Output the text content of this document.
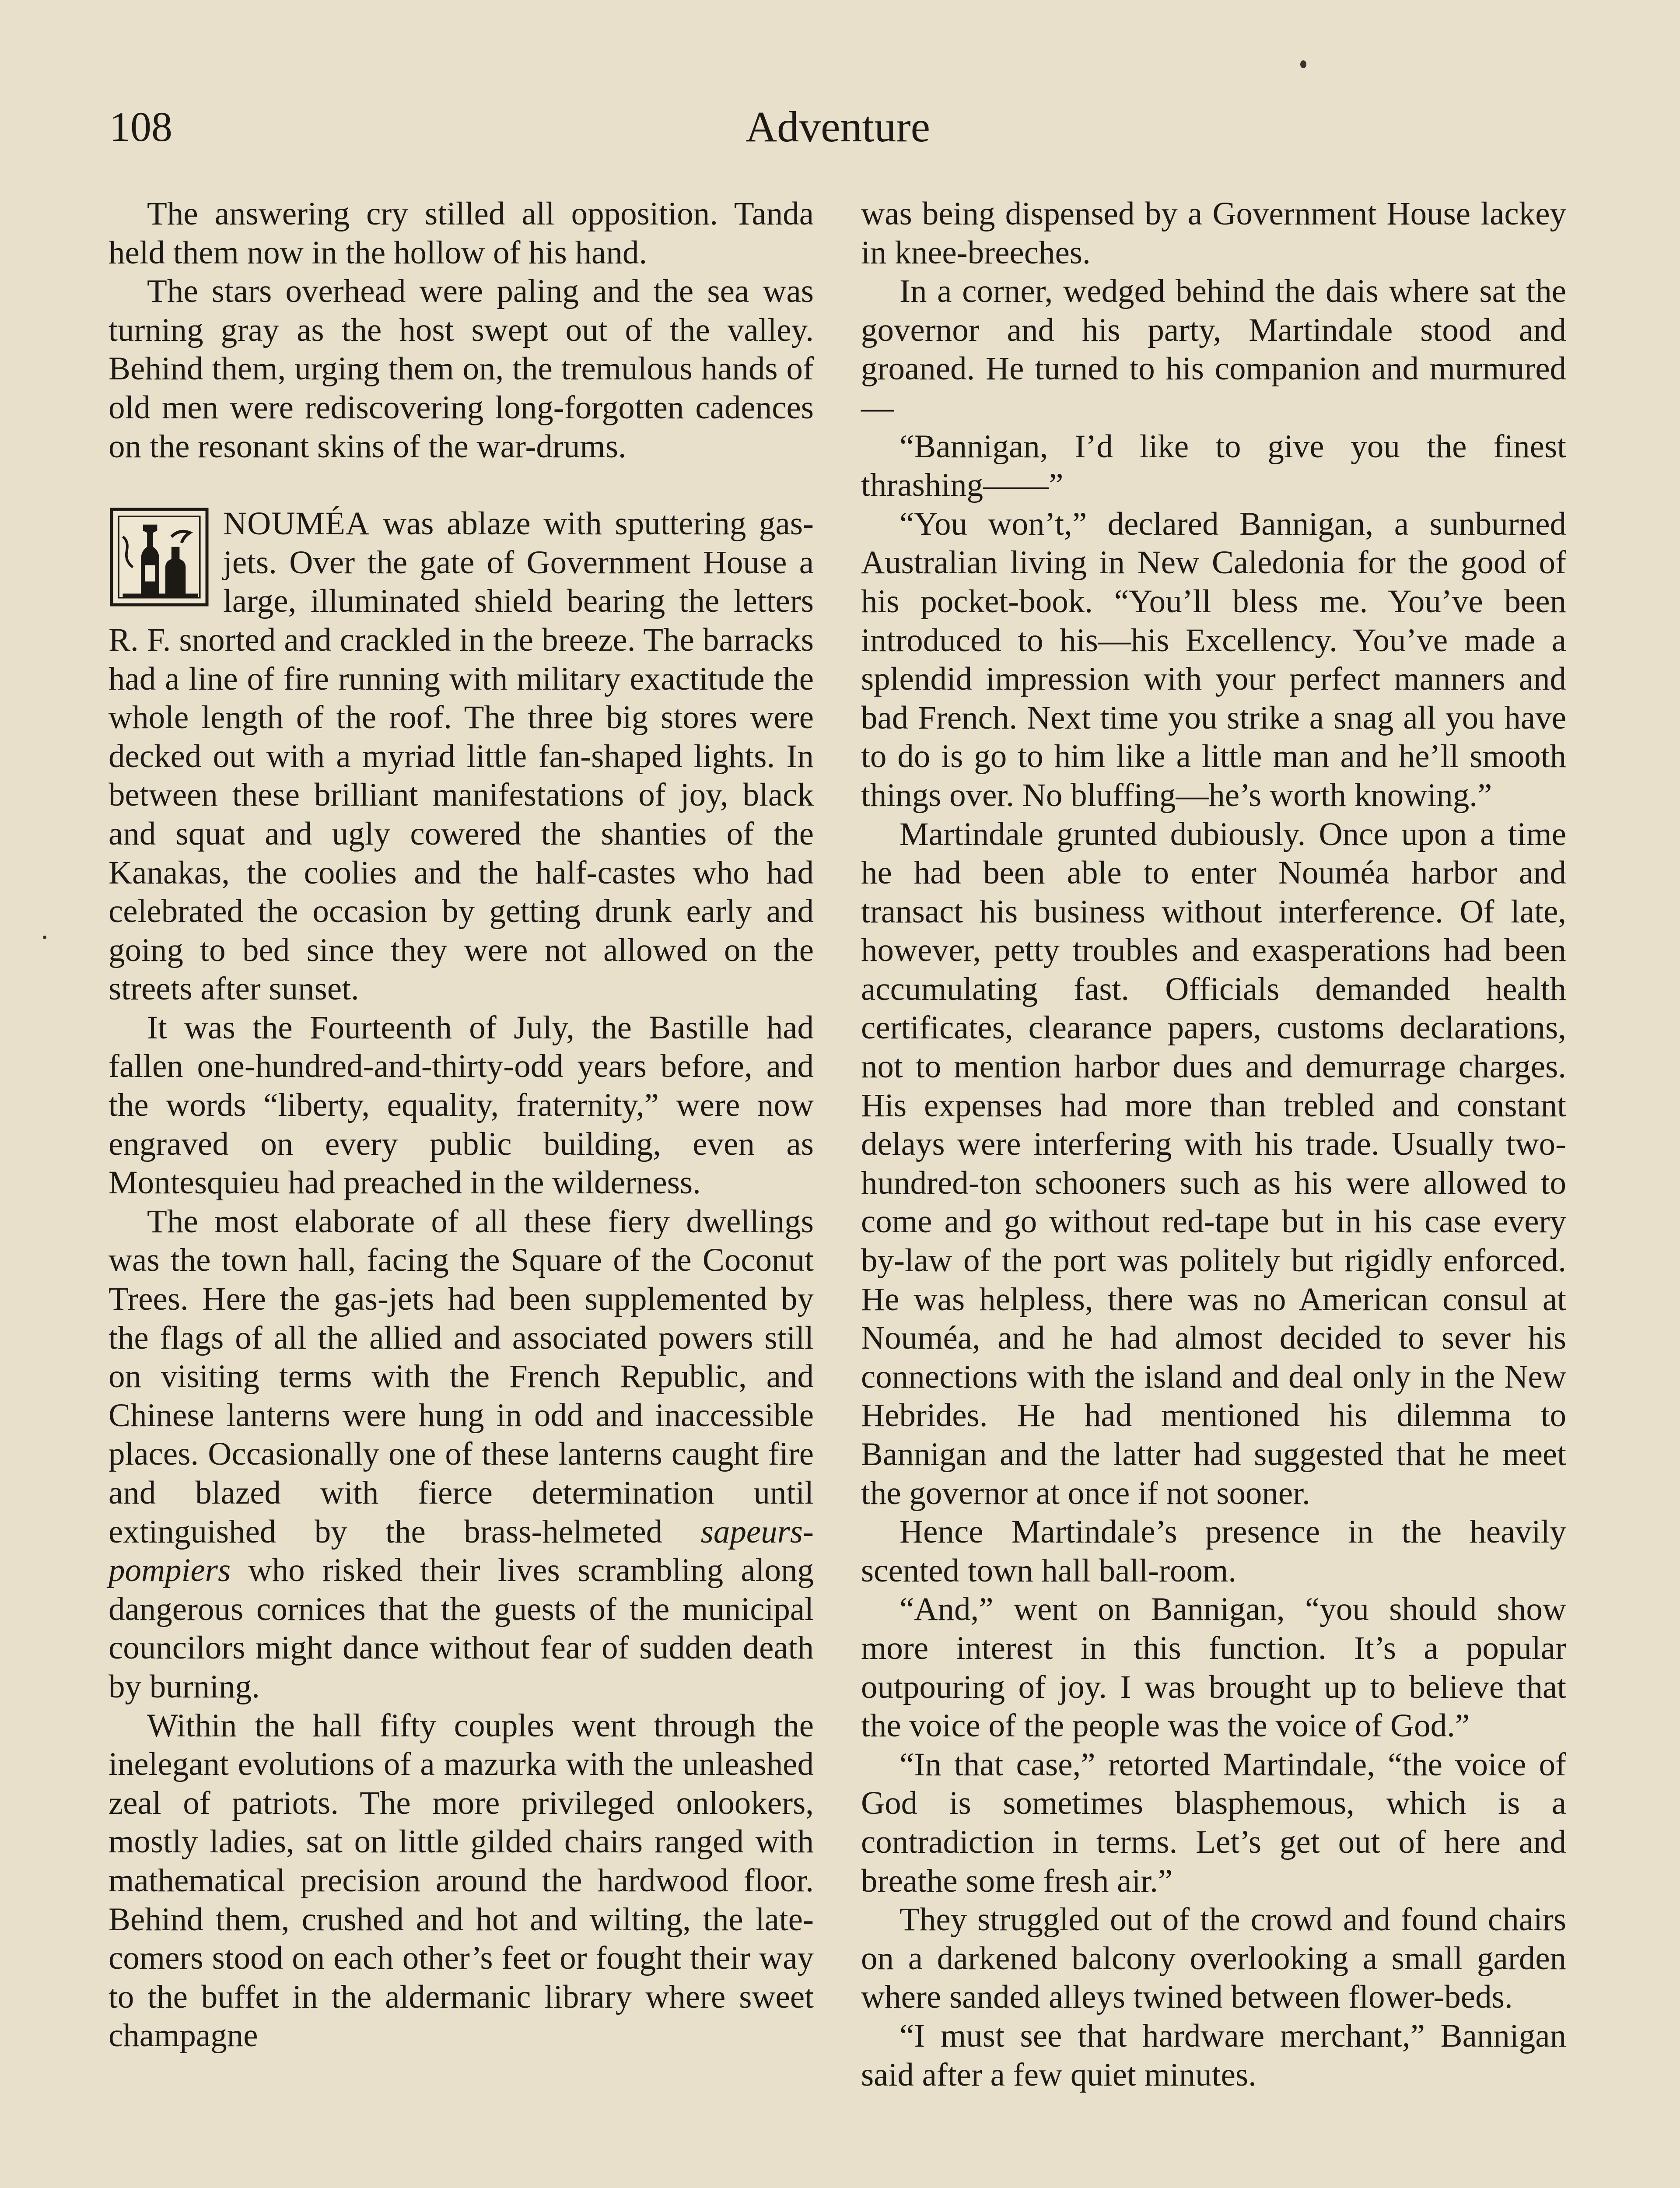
108	Adventure

The answering cry stilled all opposition. Tanda held them now in the hollow of his hand.

The stars overhead were paling and the sea was turning gray as the host swept out of the valley. Behind them, urging them on, the tremulous hands of old men were rediscovering long-forgotten cadences on the resonant skins of the war-drums.

NOUMÉA was ablaze with sputtering gas-jets. Over the gate of Government House a large, illuminated shield bearing the letters R. F. snorted and crackled in the breeze. The barracks had a line of fire running with military exactitude the whole length of the roof. The three big stores were decked out with a myriad little fan-shaped lights. In between these brilliant manifestations of joy, black and squat and ugly cowered the shanties of the Kanakas, the coolies and the half-castes who had celebrated the occasion by getting drunk early and going to bed since they were not allowed on the streets after sunset.

It was the Fourteenth of July, the Bastille had fallen one-hundred-and-thirty-odd years before, and the words “liberty, equality, fraternity,” were now engraved on every public building, even as Montesquieu had preached in the wilderness.

The most elaborate of all these fiery dwellings was the town hall, facing the Square of the Coconut Trees. Here the gas-jets had been supplemented by the flags of all the allied and associated powers still on visiting terms with the French Republic, and Chinese lanterns were hung in odd and inaccessible places. Occasionally one of these lanterns caught fire and blazed with fierce determination until extinguished by the brass-helmeted sapeurs-pompiers who risked their lives scrambling along dangerous cornices that the guests of the municipal councilors might dance without fear of sudden death by burning.

Within the hall fifty couples went through the inelegant evolutions of a mazurka with the unleashed zeal of patriots. The more privileged onlookers, mostly ladies, sat on little gilded chairs ranged with mathematical precision around the hardwood floor. Behind them, crushed and hot and wilting, the late-comers stood on each other’s feet or fought their way to the buffet in the aldermanic library where sweet champagne

was being dispensed by a Government House lackey in knee-breeches.

In a corner, wedged behind the dais where sat the governor and his party, Martindale stood and groaned. He turned to his companion and murmured—

“Bannigan, I’d like to give you the finest thrashing——”

“You won’t,” declared Bannigan, a sunburned Australian living in New Caledonia for the good of his pocket-book. “You’ll bless me. You’ve been introduced to his—his Excellency. You’ve made a splendid impression with your perfect manners and bad French. Next time you strike a snag all you have to do is go to him like a little man and he’ll smooth things over. No bluffing—he’s worth knowing.”

Martindale grunted dubiously. Once upon a time he had been able to enter Nouméa harbor and transact his business without interference. Of late, however, petty troubles and exasperations had been accumulating fast. Officials demanded health certificates, clearance papers, customs declarations, not to mention harbor dues and demurrage charges. His expenses had more than trebled and constant delays were interfering with his trade. Usually two-hundred-ton schooners such as his were allowed to come and go without red-tape but in his case every by-law of the port was politely but rigidly enforced. He was helpless, there was no American consul at Nouméa, and he had almost decided to sever his connections with the island and deal only in the New Hebrides. He had mentioned his dilemma to Bannigan and the latter had suggested that he meet the governor at once if not sooner.

Hence Martindale’s presence in the heavily scented town hall ball-room.

“And,” went on Bannigan, “you should show more interest in this function. It’s a popular outpouring of joy. I was brought up to believe that the voice of the people was the voice of God.”

“In that case,” retorted Martindale, “the voice of God is sometimes blasphemous, which is a contradiction in terms. Let’s get out of here and breathe some fresh air.”

They struggled out of the crowd and found chairs on a darkened balcony overlooking a small garden where sanded alleys twined between flower-beds.

“I must see that hardware merchant,” Bannigan said after a few quiet minutes.
